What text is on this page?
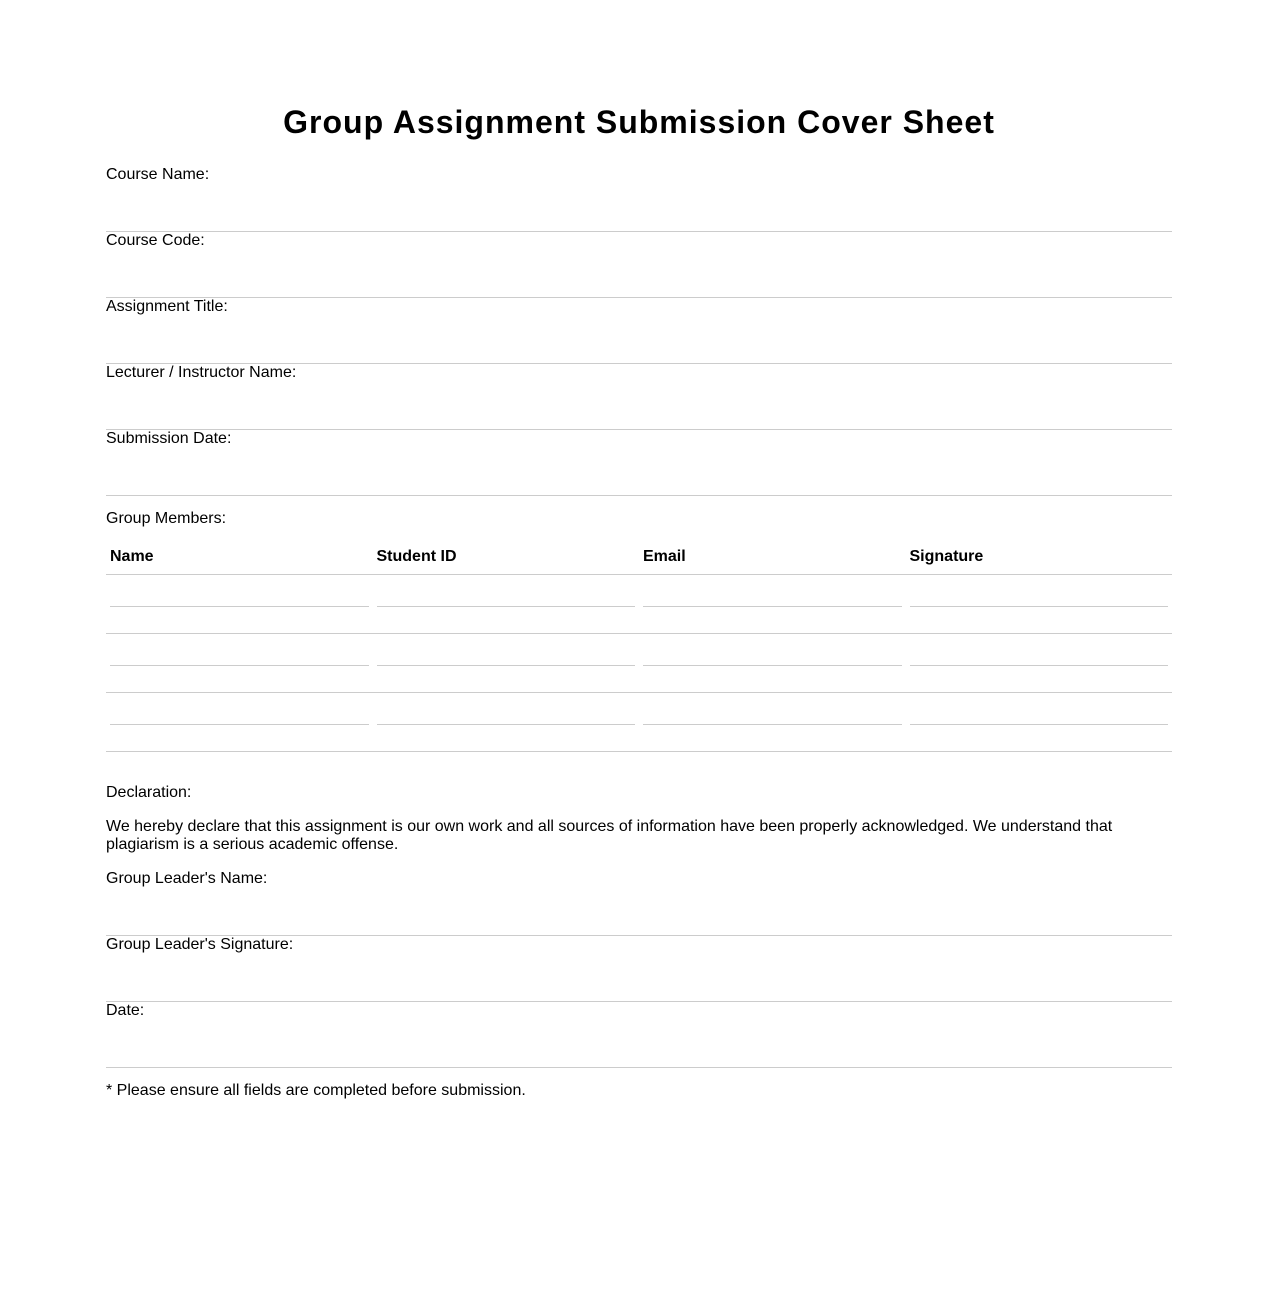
Group Assignment Submission Cover Sheet
Course Name:
Course Code:
Assignment Title:
Lecturer / Instructor Name:
Submission Date:
Group Members:
Name	Student ID	Email	Signature

Declaration:

We hereby declare that this assignment is our own work and all sources of information have been properly acknowledged. We understand that plagiarism is a serious academic offense.

Group Leader's Name:
Group Leader's Signature:
Date:

* Please ensure all fields are completed before submission.
